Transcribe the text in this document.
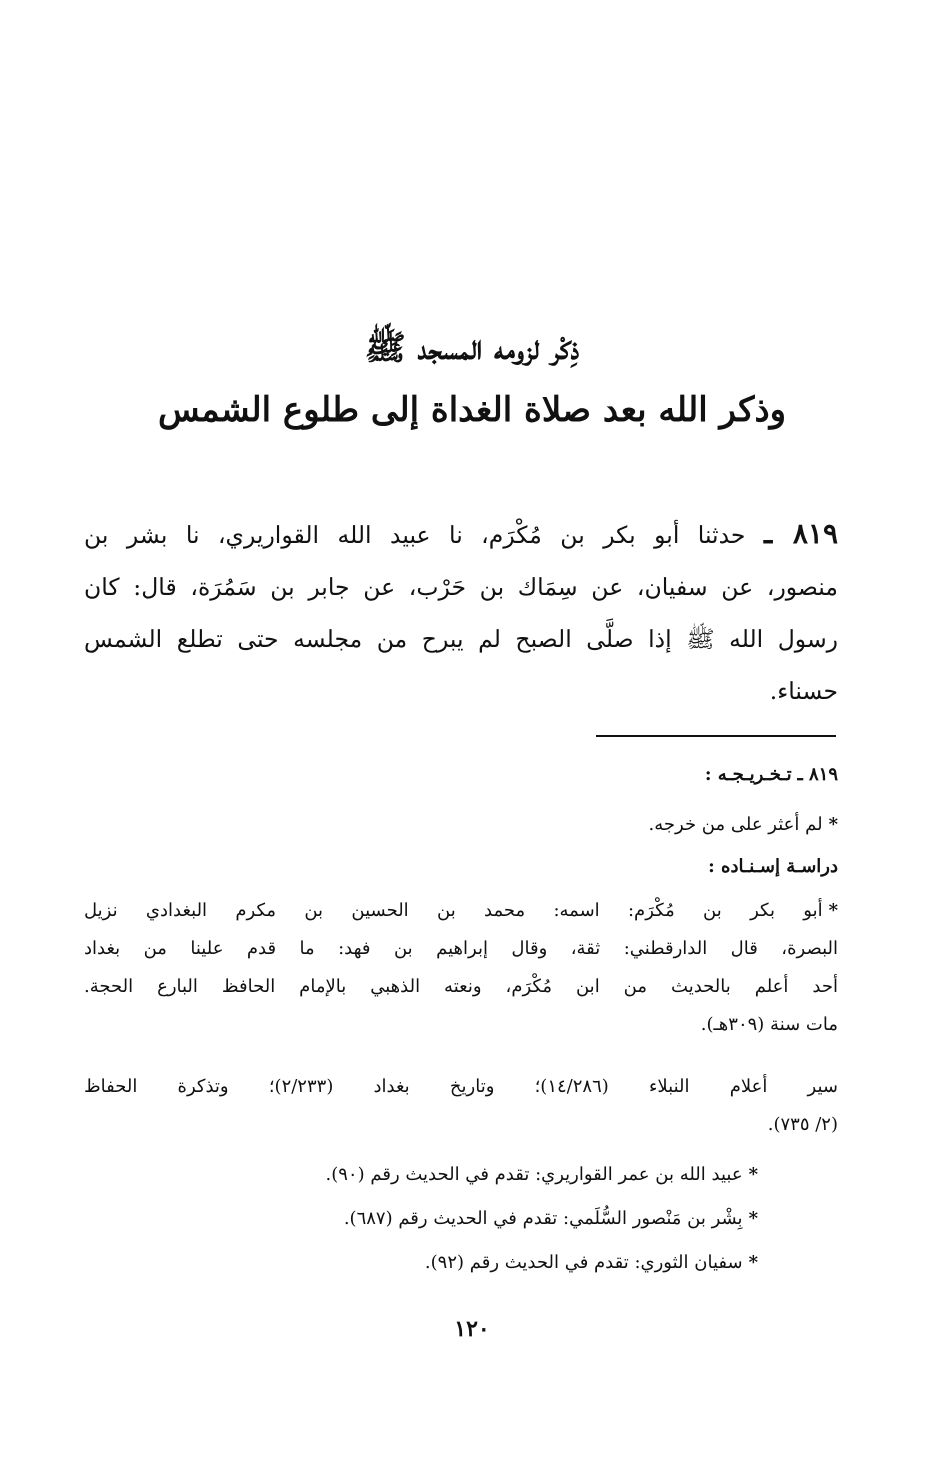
ذِكْر لزومه المسجد ﷺ
وذكر الله بعد صلاة الغداة إلى طلوع الشمس
٨١٩ ـ حدثنا أبو بكر بن مُكْرَم، نا عبيد الله القواريري، نا بشر بن
منصور، عن سفيان، عن سِمَاك بن حَرْب، عن جابر بن سَمُرَة، قال: كان
رسول الله ﷺ إذا صلَّى الصبح لم يبرح من مجلسه حتى تطلع الشمس
حسناء.
٨١٩ ـ تـخـريـجـه :
*لم أعثر على من خرجه.
دراسـة إسـنـاده :
*أبو بكر بن مُكْرَم: اسمه: محمد بن الحسين بن مكرم البغدادي نزيل
البصرة، قال الدارقطني: ثقة، وقال إبراهيم بن فهد: ما قدم علينا من بغداد
أحد أعلم بالحديث من ابن مُكْرَم، ونعته الذهبي بالإمام الحافظ البارع الحجة.
مات سنة (٣٠٩هـ).
سير أعلام النبلاء (١٤/٢٨٦)؛ وتاريخ بغداد (٢/٢٣٣)؛ وتذكرة الحفاظ
(٢/ ٧٣٥).
*عبيد الله بن عمر القواريري: تقدم في الحديث رقم (٩٠).
*بِشْر بن مَنْصور السُّلَمي: تقدم في الحديث رقم (٦٨٧).
*سفيان الثوري: تقدم في الحديث رقم (٩٢).
١٢٠
